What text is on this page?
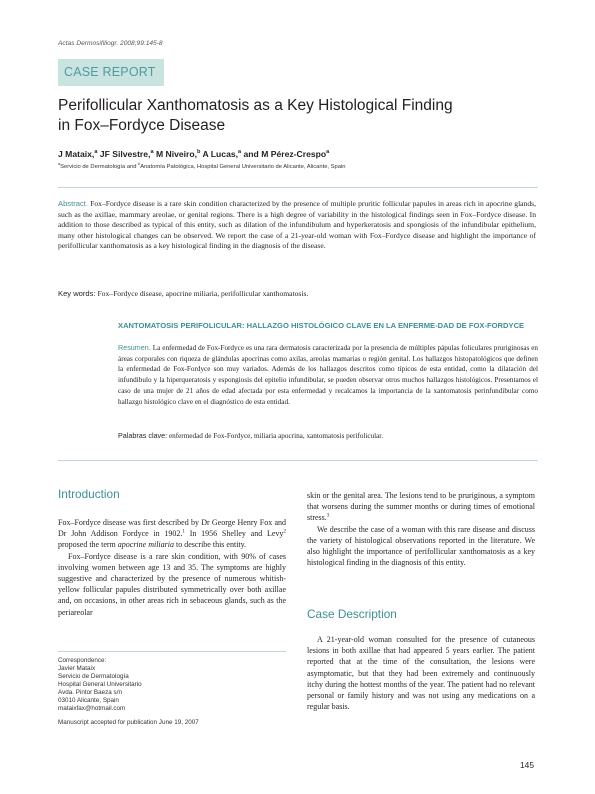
Actas Dermosifiliogr. 2008;99:145-8
CASE REPORT
Perifollicular Xanthomatosis as a Key Histological Finding
in Fox–Fordyce Disease
J Mataix,$^a$ JF Silvestre,$^a$ M Niveiro,$^b$ A Lucas,$^a$ and M Pérez-Crespo$^a$
$^a$Servicio de Dermatología and $^b$Anatomía Patológica, Hospital General Universitario de Alicante, Alicante, Spain
Abstract. Fox–Fordyce disease is a rare skin condition characterized by the presence of multiple pruritic follicular papules in areas rich in apocrine glands, such as the axillae, mammary areolae, or genital regions. There is a high degree of variability in the histological findings seen in Fox–Fordyce disease. In addition to those described as typical of this entity, such as dilation of the infundibulum and hyperkeratosis and spongiosis of the infundibular epithelium, many other histological changes can be observed. We report the case of a 21-year-old woman with Fox–Fordyce disease and highlight the importance of perifollicular xanthomatosis as a key histological finding in the diagnosis of the disease.
Key words: Fox–Fordyce disease, apocrine miliaria, perifollicular xanthomatosis.
XANTOMATOSIS PERIFOLICULAR: HALLAZGO HISTOLÓGICO CLAVE EN LA ENFERME-DAD DE FOX-FORDYCE
Resumen. La enfermedad de Fox-Fordyce es una rara dermatosis caracterizada por la presencia de múltiples pápulas foliculares pruriginosas en áreas corporales con riqueza de glándulas apocrinas como axilas, areolas mamarias o región genital. Los hallazgos histopatológicos que definen la enfermedad de Fox-Fordyce son muy variados. Además de los hallazgos descritos como típicos de esta entidad, como la dilatación del infundibulo y la hiperqueratosis y espongiosis del epitelio infundibular, se pueden observar otros muchos hallazgos histológicos. Presentamos el caso de una mujer de 21 años de edad afectada por esta enfermedad y recalcamos la importancia de la xantomatosis perinfundibular como hallazgo histológico clave en el diagnóstico de esta entidad.
Palabras clave: enfermedad de Fox-Fordyce, miliaria apocrina, xantomatosis perifolicular.
Introduction

Fox–Fordyce disease was first described by Dr George Henry Fox and Dr John Addison Fordyce in 1902.$^1$ In 1956 Shelley and Levy$^2$ proposed the term apocrine miliaria to describe this entity.

Fox–Fordyce disease is a rare skin condition, with 90% of cases involving women between age 13 and 35. The symptoms are highly suggestive and characterized by the presence of numerous whitish-yellow follicular papules distributed symmetrically over both axillae and, on occasions, in other areas rich in sebaceous glands, such as the periareolar

Correspondence:
Javier Mataix
Servicio de Dermatología
Hospital General Universitario
Avda. Pintor Baeza s/n
03010 Alicante, Spain
mataixfax@hotmail.com
Manuscript accepted for publication June 19, 2007

skin or the genital area. The lesions tend to be pruriginous, a symptom that worsens during the summer months or during times of emotional stress.$^3$

We describe the case of a woman with this rare disease and discuss the variety of histological observations reported in the literature. We also highlight the importance of perifollicular xanthomatosis as a key histological finding in the diagnosis of this entity.

Case Description

A 21-year-old woman consulted for the presence of cutaneous lesions in both axillae that had appeared 5 years earlier. The patient reported that at the time of the consultation, the lesions were asymptomatic, but that they had been extremely and continuously itchy during the hottest months of the year. The patient had no relevant personal or family history and was not using any medications on a regular basis.

145
